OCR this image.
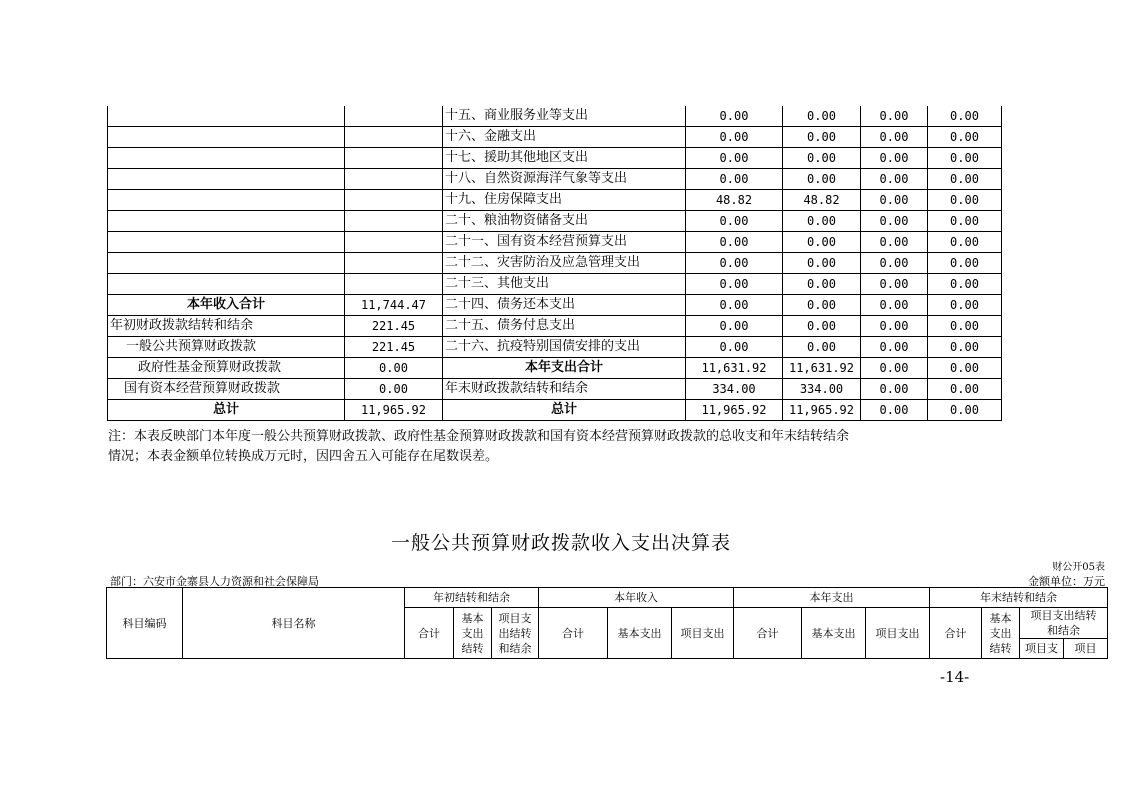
		十五、商业服务业等支出	0.00	0.00	0.00	0.00
		十六、金融支出	0.00	0.00	0.00	0.00
		十七、援助其他地区支出	0.00	0.00	0.00	0.00
		十八、自然资源海洋气象等支出	0.00	0.00	0.00	0.00
		十九、住房保障支出	48.82	48.82	0.00	0.00
		二十、粮油物资储备支出	0.00	0.00	0.00	0.00
		二十一、国有资本经营预算支出	0.00	0.00	0.00	0.00
		二十二、灾害防治及应急管理支出	0.00	0.00	0.00	0.00
		二十三、其他支出	0.00	0.00	0.00	0.00
本年收入合计	11,744.47	二十四、债务还本支出	0.00	0.00	0.00	0.00
年初财政拨款结转和结余	221.45	二十五、债务付息支出	0.00	0.00	0.00	0.00
一般公共预算财政拨款	221.45	二十六、抗疫特别国债安排的支出	0.00	0.00	0.00	0.00
政府性基金预算财政拨款	0.00	本年支出合计	11,631.92	11,631.92	0.00	0.00
国有资本经营预算财政拨款	0.00	年末财政拨款结转和结余	334.00	334.00	0.00	0.00
总计	11,965.92	总计	11,965.92	11,965.92	0.00	0.00
注：本表反映部门本年度一般公共预算财政拨款、政府性基金预算财政拨款和国有资本经营预算财政拨款的总收支和年末结转结余
情况；本表金额单位转换成万元时，因四舍五入可能存在尾数误差。
一般公共预算财政拨款收入支出决算表
财公开05表
部门：六安市金寨县人力资源和社会保障局	金额单位：万元
科目编码	科目名称	年初结转和结余			本年收入			本年支出			年末结转和结余			
		合计	基本支出结转	项目支出结转和结余	合计	基本支出	项目支出	合计	基本支出	项目支出	合计	基本支出结转	项目支出结转和结余	
													项目支	项目
-14-
